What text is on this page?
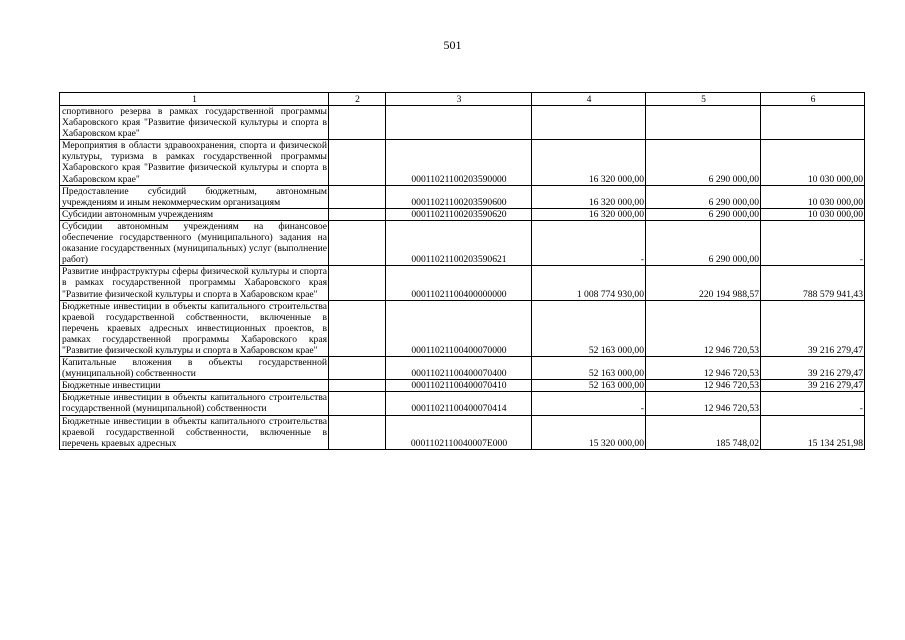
501
1	2	3	4	5	6
спортивного резерва в рамках государственной программы Хабаровского края "Развитие физической культуры и спорта в Хабаровском крае"					
Мероприятия в области здравоохранения, спорта и физической культуры, туризма в рамках государственной программы Хабаровского края "Развитие физической культуры и спорта в Хабаровском крае"		00011021100203590000	16 320 000,00	6 290 000,00	10 030 000,00
Предоставление субсидий бюджетным, автономным учреждениям и иным некоммерческим организациям		00011021100203590600	16 320 000,00	6 290 000,00	10 030 000,00
Субсидии автономным учреждениям		00011021100203590620	16 320 000,00	6 290 000,00	10 030 000,00
Субсидии автономным учреждениям на финансовое обеспечение государственного (муниципального) задания на оказание государственных (муниципальных) услуг (выполнение работ)		00011021100203590621	-	6 290 000,00	-
Развитие инфраструктуры сферы физической культуры и спорта в рамках государственной программы Хабаровского края "Развитие физической культуры и спорта в Хабаровском крае"		00011021100400000000	1 008 774 930,00	220 194 988,57	788 579 941,43
Бюджетные инвестиции в объекты капитального строительства краевой государственной собственности, включенные в перечень краевых адресных инвестиционных проектов, в рамках государственной программы Хабаровского края "Развитие физической культуры и спорта в Хабаровском крае"		00011021100400070000	52 163 000,00	12 946 720,53	39 216 279,47
Капитальные вложения в объекты государственной (муниципальной) собственности		00011021100400070400	52 163 000,00	12 946 720,53	39 216 279,47
Бюджетные инвестиции		00011021100400070410	52 163 000,00	12 946 720,53	39 216 279,47
Бюджетные инвестиции в объекты капитального строительства государственной (муниципальной) собственности		00011021100400070414	-	12 946 720,53	-
Бюджетные инвестиции в объекты капитального строительства краевой государственной собственности, включенные в перечень краевых адресных		0001102110040007E000	15 320 000,00	185 748,02	15 134 251,98
